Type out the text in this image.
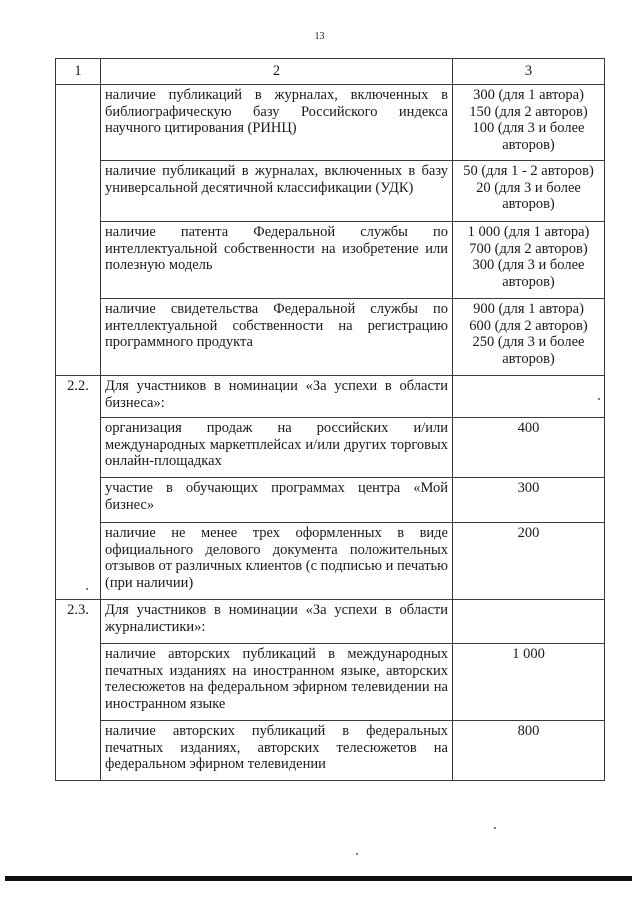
13
1	2	3
	наличие публикаций в журналах, включенных в библиографическую базу Российского индекса научного цитирования (РИНЦ)	300 (для 1 автора)
150 (для 2 авторов)
100 (для 3 и более авторов)
	наличие публикаций в журналах, включенных в базу универсальной десятичной классификации (УДК)	50 (для 1 - 2 авторов)
20 (для 3 и более авторов)
	наличие патента Федеральной службы по интеллектуальной собственности на изобретение или полезную модель	1 000 (для 1 автора)
700 (для 2 авторов)
300 (для 3 и более авторов)
	наличие свидетельства Федеральной службы по интеллектуальной собственности на регистрацию программного продукта	900 (для 1 автора)
600 (для 2 авторов)
250 (для 3 и более авторов)
2.2.	Для участников в номинации «За успехи в области бизнеса»:	
	организация продаж на российских и/или международных маркетплейсах и/или других торговых онлайн-площадках	400
	участие в обучающих программах центра «Мой бизнес»	300
	наличие не менее трех оформленных в виде официального делового документа положительных отзывов от различных клиентов (с подписью и печатью (при наличии)	200
2.3.	Для участников в номинации «За успехи в области журналистики»:	
	наличие авторских публикаций в международных печатных изданиях на иностранном языке, авторских телесюжетов на федеральном эфирном телевидении на иностранном языке	1 000
	наличие авторских публикаций в федеральных печатных изданиях, авторских телесюжетов на федеральном эфирном телевидении	800
